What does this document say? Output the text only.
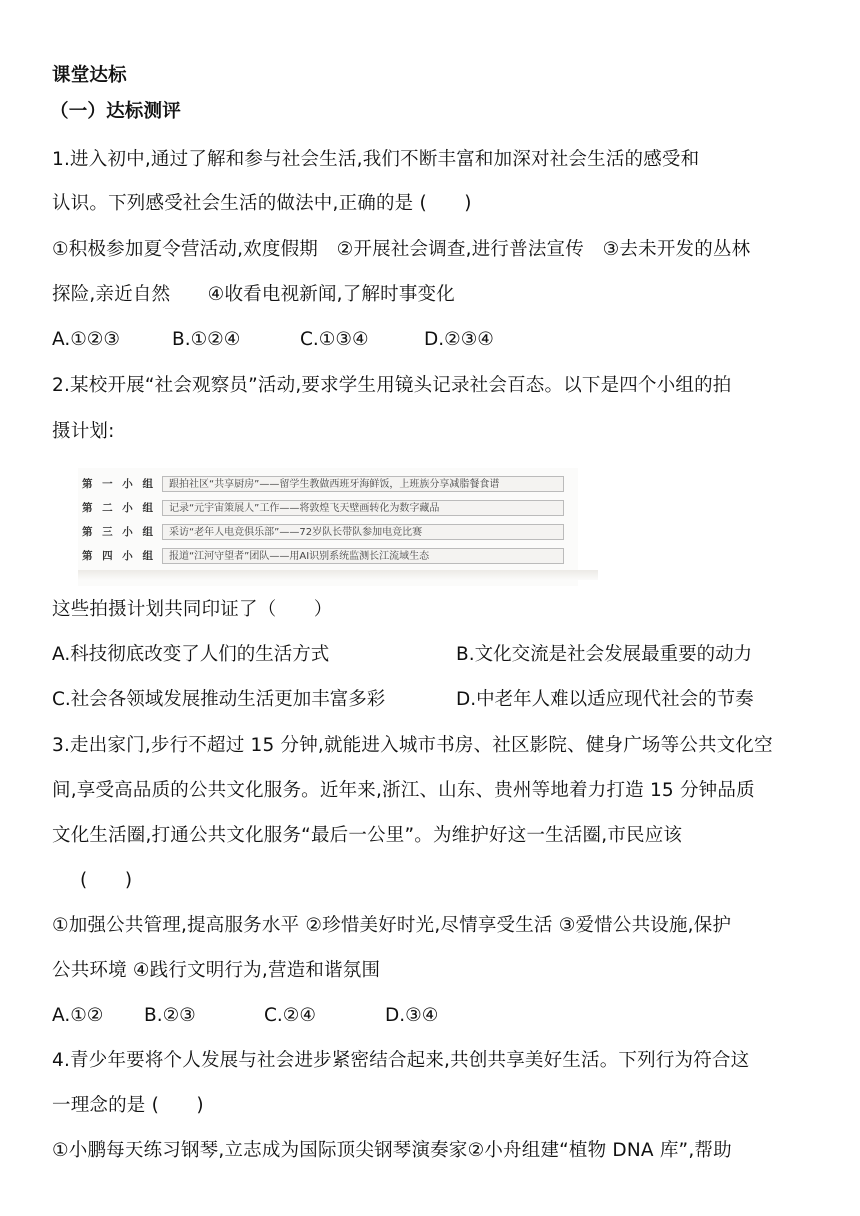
课堂达标
（一）达标测评
1.进入初中,通过了解和参与社会生活,我们不断丰富和加深对社会生活的感受和
认识。下列感受社会生活的做法中,正确的是 (　　)
①积极参加夏令营活动,欢度假期　②开展社会调查,进行普法宣传　③去未开发的丛林
探险,亲近自然　　④收看电视新闻,了解时事变化
A.①②③	B.①②④	C.①③④	D.②③④
2.某校开展“社会观察员”活动,要求学生用镜头记录社会百态。以下是四个小组的拍
摄计划:
第 一 小 组	跟拍社区“共享厨房”——留学生教做西班牙海鲜饭，上班族分享减脂餐食谱
第 二 小 组	记录“元宇宙策展人”工作——将敦煌飞天壁画转化为数字藏品
第 三 小 组	采访“老年人电竞俱乐部”——72岁队长带队参加电竞比赛
第 四 小 组	报道“江河守望者”团队——用AI识别系统监测长江流域生态
这些拍摄计划共同印证了（　　）
A.科技彻底改变了人们的生活方式	B.文化交流是社会发展最重要的动力
C.社会各领域发展推动生活更加丰富多彩	D.中老年人难以适应现代社会的节奏
3.走出家门,步行不超过 15 分钟,就能进入城市书房、社区影院、健身广场等公共文化空
间,享受高品质的公共文化服务。近年来,浙江、山东、贵州等地着力打造 15 分钟品质
文化生活圈,打通公共文化服务“最后一公里”。为维护好这一生活圈,市民应该
(　　)
①加强公共管理,提高服务水平 ②珍惜美好时光,尽情享受生活 ③爱惜公共设施,保护
公共环境 ④践行文明行为,营造和谐氛围
A.①② B.②③	C.②④	D.③④
4.青少年要将个人发展与社会进步紧密结合起来,共创共享美好生活。下列行为符合这
一理念的是 (　　)
①小鹏每天练习钢琴,立志成为国际顶尖钢琴演奏家②小舟组建“植物 DNA 库”,帮助
